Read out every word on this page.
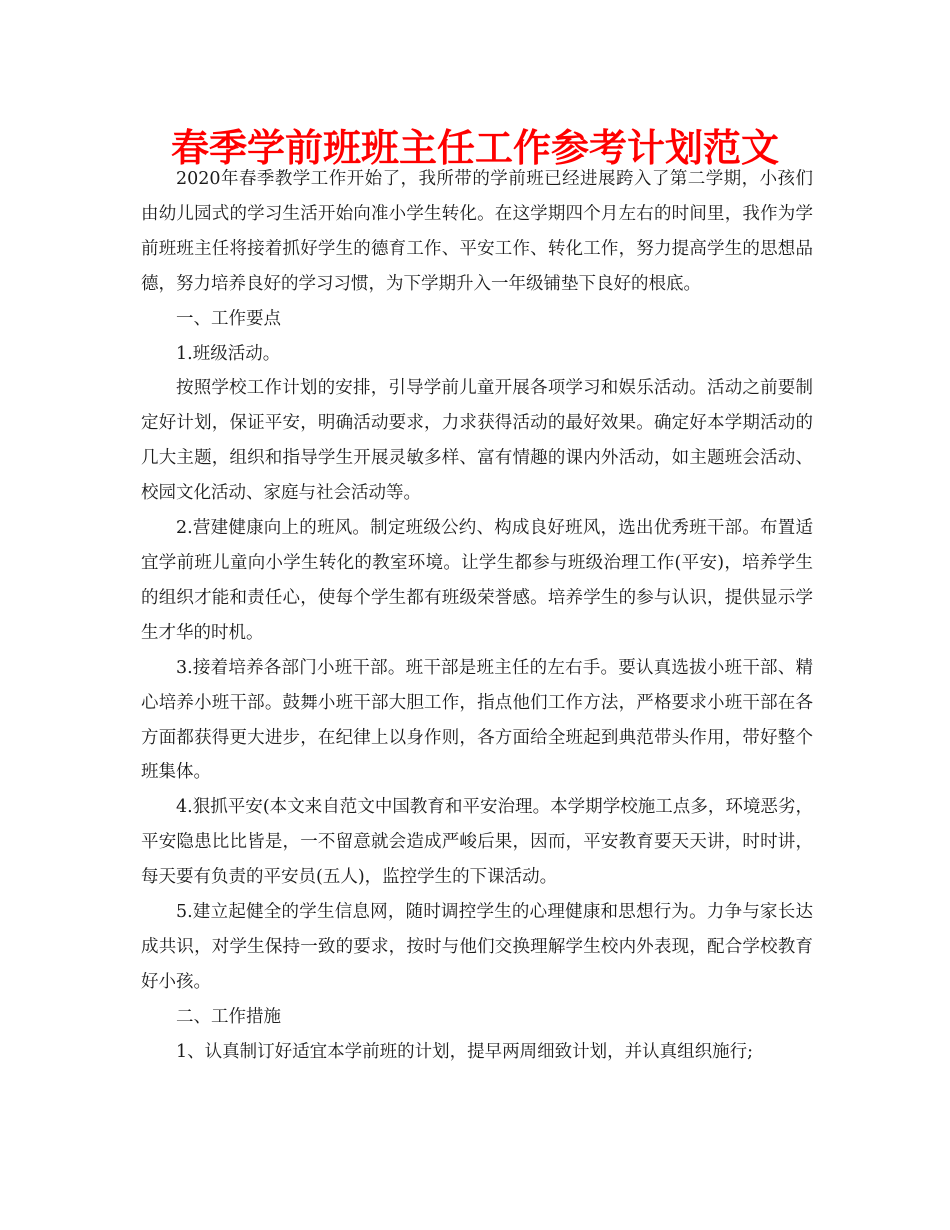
春季学前班班主任工作参考计划范文

2020年春季教学工作开始了，我所带的学前班已经进展跨入了第二学期，小孩们由幼儿园式的学习生活开始向准小学生转化。在这学期四个月左右的时间里，我作为学前班班主任将接着抓好学生的德育工作、平安工作、转化工作，努力提高学生的思想品德，努力培养良好的学习习惯，为下学期升入一年级铺垫下良好的根底。

一、工作要点

1.班级活动。

按照学校工作计划的安排，引导学前儿童开展各项学习和娱乐活动。活动之前要制定好计划，保证平安，明确活动要求，力求获得活动的最好效果。确定好本学期活动的几大主题，组织和指导学生开展灵敏多样、富有情趣的课内外活动，如主题班会活动、校园文化活动、家庭与社会活动等。

2.营建健康向上的班风。制定班级公约、构成良好班风，选出优秀班干部。布置适宜学前班儿童向小学生转化的教室环境。让学生都参与班级治理工作(平安)，培养学生的组织才能和责任心，使每个学生都有班级荣誉感。培养学生的参与认识，提供显示学生才华的时机。

3.接着培养各部门小班干部。班干部是班主任的左右手。要认真选拔小班干部、精心培养小班干部。鼓舞小班干部大胆工作，指点他们工作方法，严格要求小班干部在各方面都获得更大进步，在纪律上以身作则，各方面给全班起到典范带头作用，带好整个班集体。

4.狠抓平安(本文来自范文中国教育和平安治理。本学期学校施工点多，环境恶劣，平安隐患比比皆是，一不留意就会造成严峻后果，因而，平安教育要天天讲，时时讲，每天要有负责的平安员(五人)，监控学生的下课活动。

5.建立起健全的学生信息网，随时调控学生的心理健康和思想行为。力争与家长达成共识，对学生保持一致的要求，按时与他们交换理解学生校内外表现，配合学校教育好小孩。

二、工作措施

1、认真制订好适宜本学前班的计划，提早两周细致计划，并认真组织施行;
